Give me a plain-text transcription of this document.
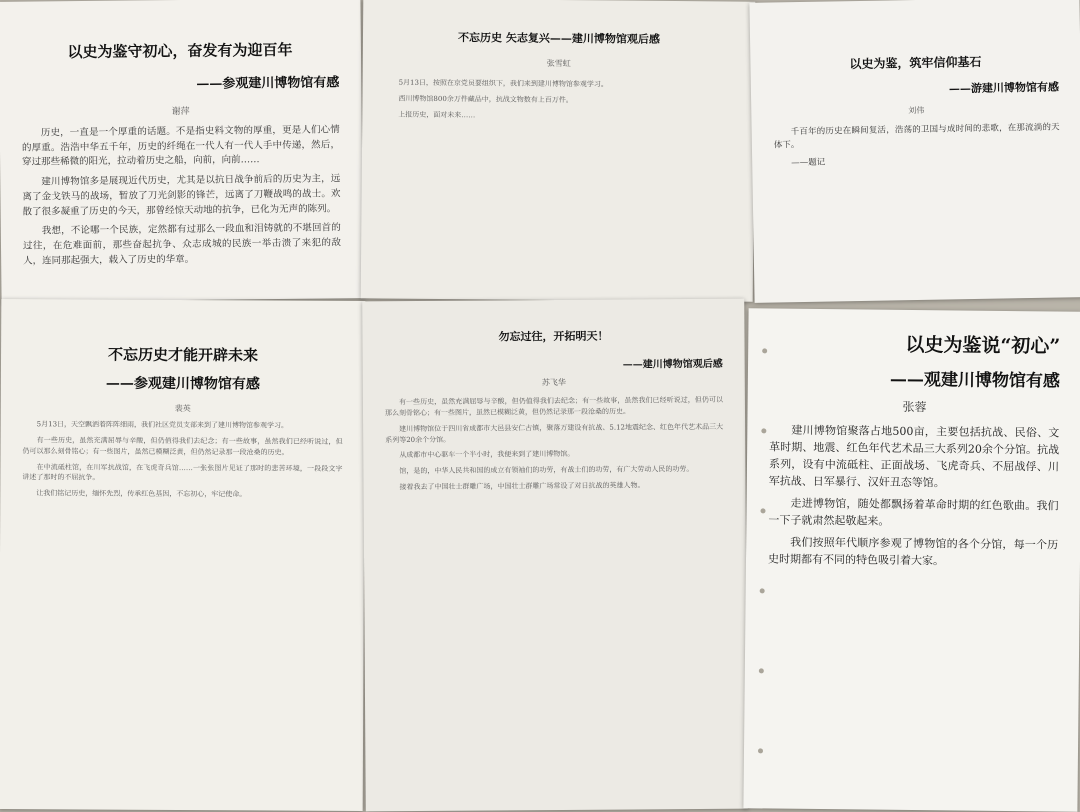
以史为鉴守初心，奋发有为迎百年

——参观建川博物馆有感

谢萍

历史，一直是一个厚重的话题。不是指史料文物的厚重，更是人们心情的厚重。浩浩中华五千年，历史的纤绳在一代人有一代人手中传递，然后，穿过那些稀微的阳光，拉动着历史之船，向前，向前……

建川博物馆多是展现近代历史，尤其是以抗日战争前后的历史为主，远离了金戈铁马的战场，暂放了刀光剑影的锋芒，远离了刀鞭战鸣的战士。欢散了很多凝重了历史的今天，那曾经惊天动地的抗争，已化为无声的陈列。

我想，不论哪一个民族，定然都有过那么一段血和泪铸就的不堪回首的过往，在危难面前，那些奋起抗争、众志成城的民族一举击溃了来犯的敌人，连同那起强大，载入了历史的华章。

不忘历史 矢志复兴——建川博物馆观后感

张雪虹

5月13日，按照在京党员要组织下，我们来到建川博物馆参观学习。

西川博物馆800余万件藏品中，抗战文物数有上百万件。

上报历史，面对未来……

以史为鉴，筑牢信仰基石

——游建川博物馆有感

刘伟

千百年的历史在瞬间复活，浩荡的卫国与成时间的悲歌，在那流淌的天体下。

——题记

不忘历史才能开辟未来

——参观建川博物馆有感

裴英

5月13日，天空飘洒着阵阵细雨，我们社区党员支部来到了建川博物馆参观学习。

有一些历史，虽然充满屈辱与辛酸，但仍值得我们去纪念；有一些故事，虽然我们已经听说过，但仍可以那么刻骨铭心；有一些图片，虽然已模糊泛黄，但仍然记录那一段沧桑的历史。

在中流砥柱馆，在川军抗战馆，在飞虎奇兵馆……一张张图片见证了那时的悲苦环境，一段段文字讲述了那时的不屈抗争。

让我们铭记历史，缅怀先烈，传承红色基因，不忘初心，牢记使命。

勿忘过往，开拓明天！

——建川博物馆观后感

苏飞华

有一些历史，虽然充满屈辱与辛酸，但仍值得我们去纪念；有一些故事，虽然我们已经听说过，但仍可以那么刻骨铭心；有一些图片，虽然已模糊泛黄，但仍然记录那一段沧桑的历史。

建川博物馆位于四川省成都市大邑县安仁古镇，聚落万建设有抗战、5.12地震纪念、红色年代艺术品三大系列等20余个分馆。

从成都市中心驱车一个半小时，我便来到了建川博物馆。

馆，是的，中华人民共和国的成立有领袖们的功劳，有战士们的功劳，有广大劳动人民的功劳。

接着我去了中国壮士群雕广场，中国壮士群雕广场常设了对日抗战的英雄人物。

以史为鉴说“初心”

——观建川博物馆有感

张蓉

建川博物馆聚落占地500亩，主要包括抗战、民俗、文革时期、地震、红色年代艺术品三大系列20余个分馆。抗战系列，设有中流砥柱、正面战场、飞虎奇兵、不屈战俘、川军抗战、日军暴行、汉奸丑态等馆。

走进博物馆，随处都飘扬着革命时期的红色歌曲。我们一下子就肃然起敬起来。

我们按照年代顺序参观了博物馆的各个分馆，每一个历史时期都有不同的特色吸引着大家。
